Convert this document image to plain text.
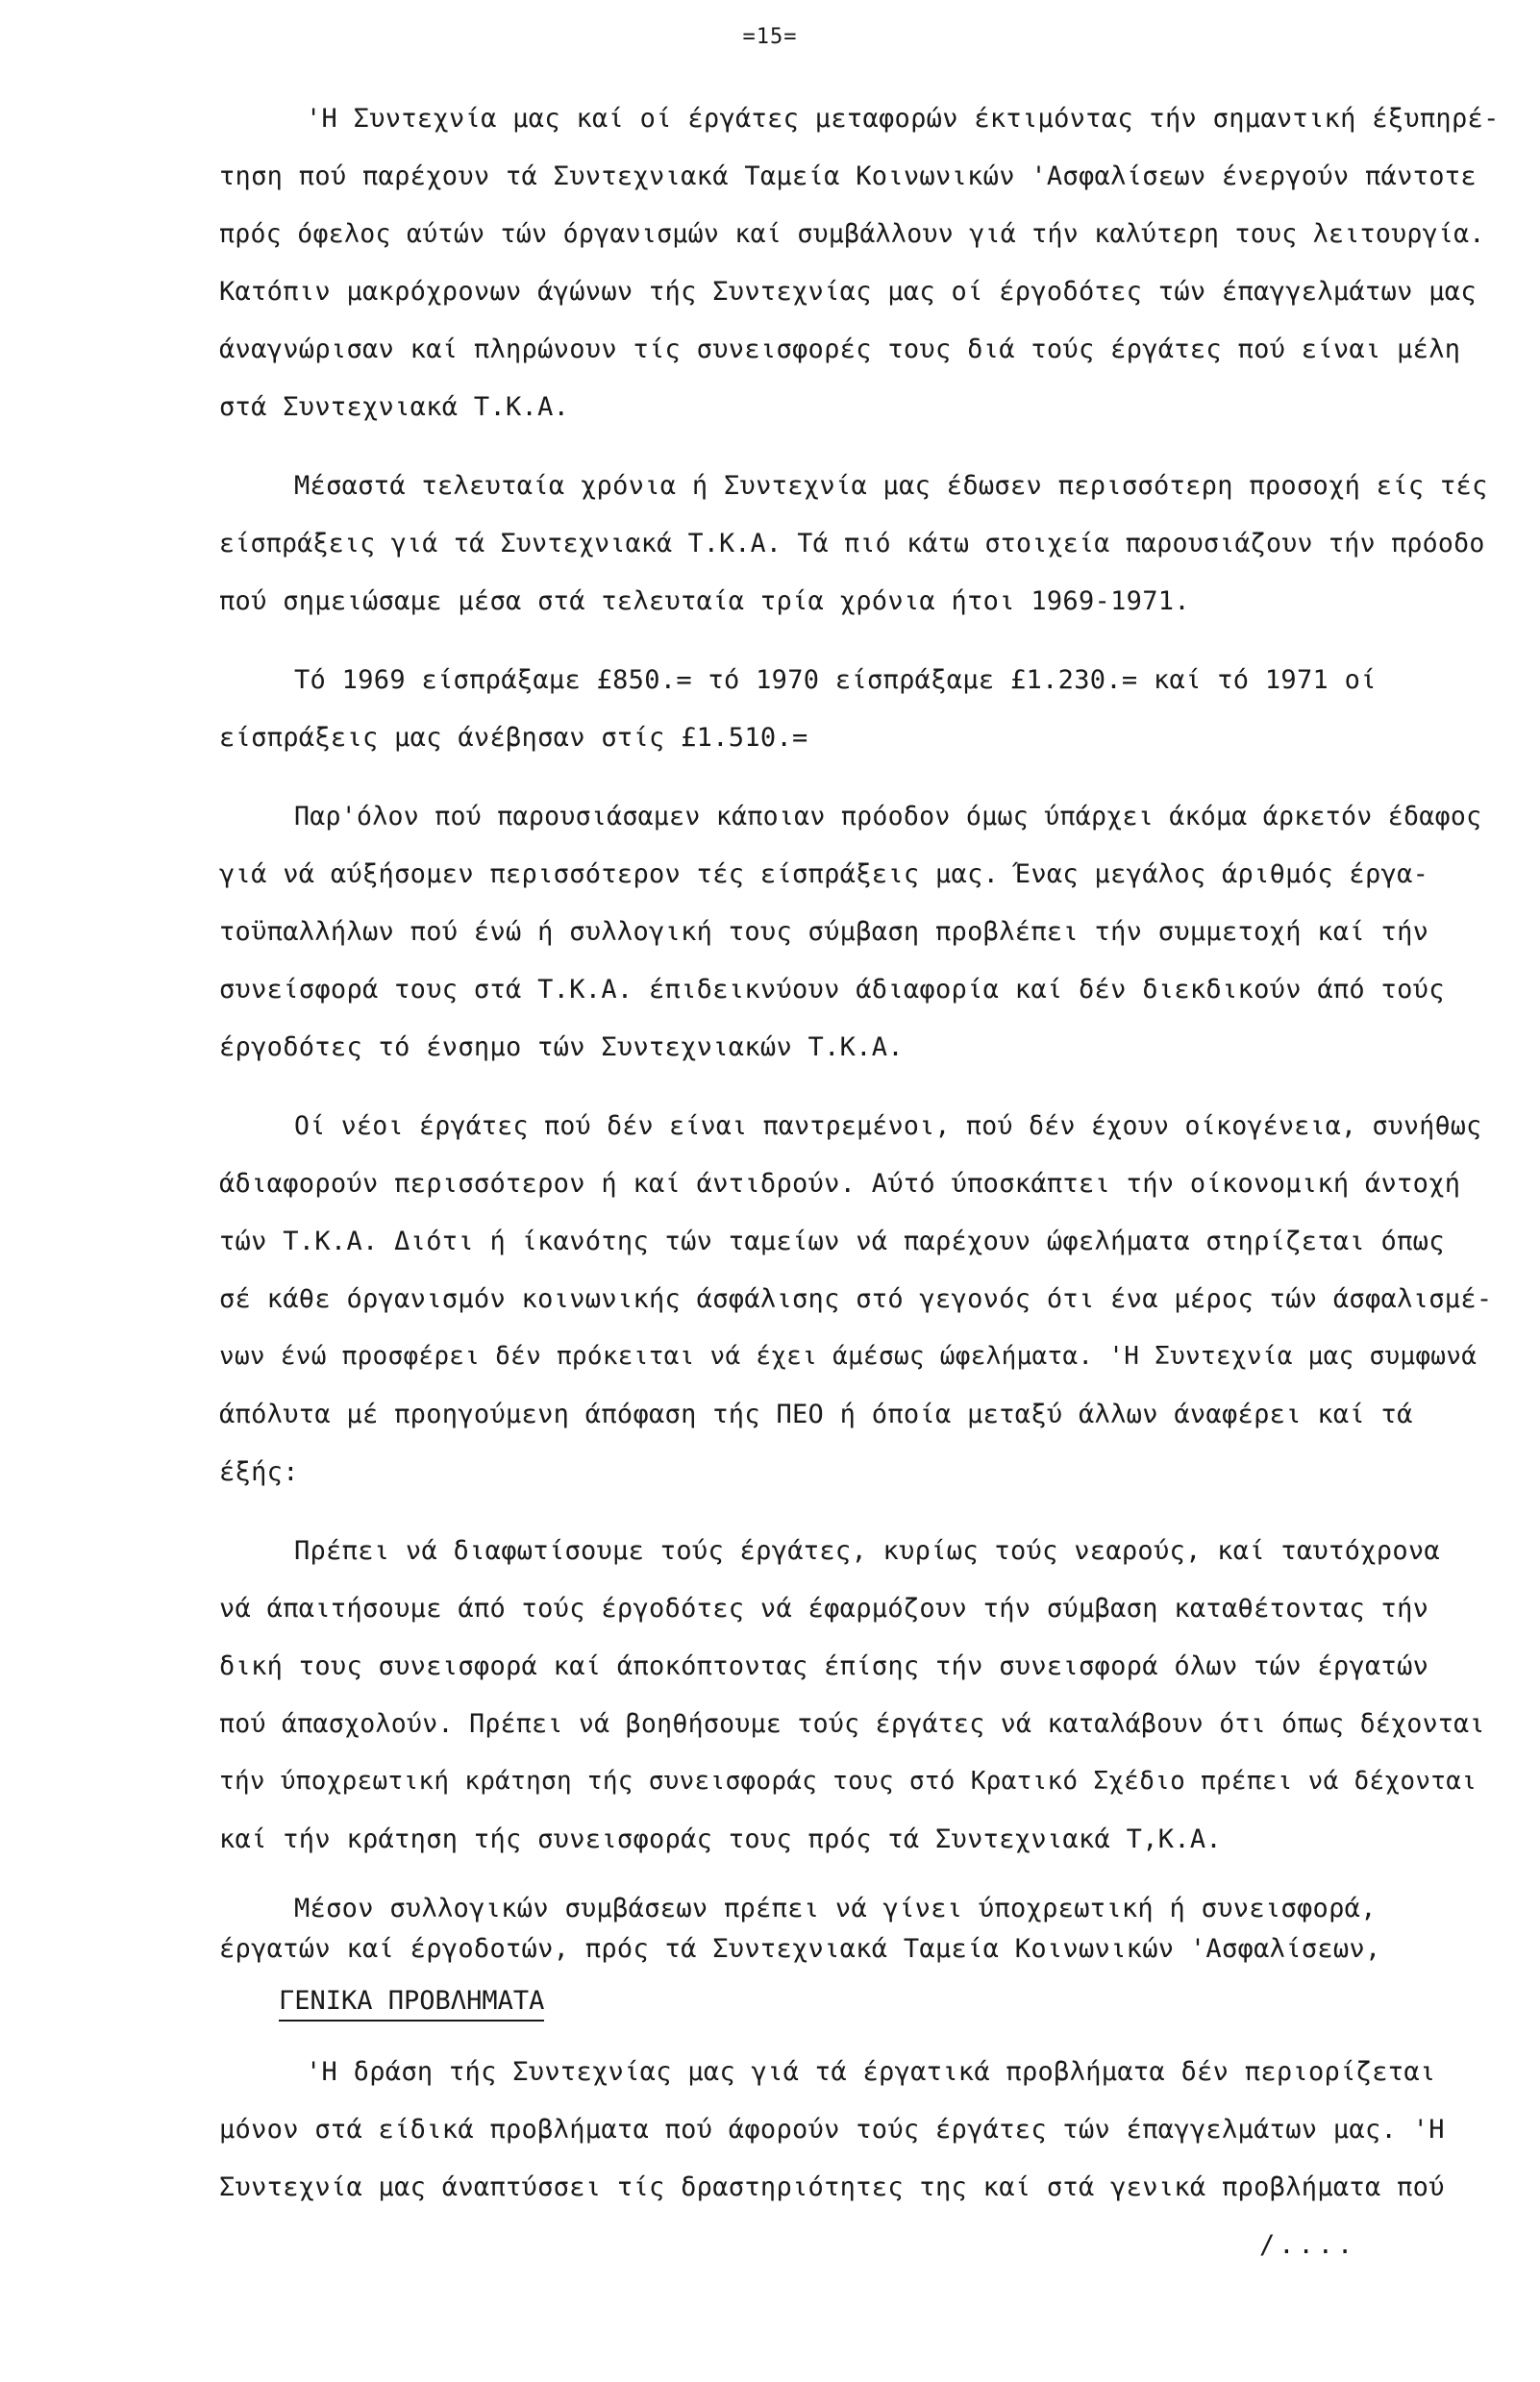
=15=
'Η Συντεχνία μας καί οί έργάτες μεταφορών έκτιμόντας τήν σημαντική έξυπηρέ-
τηση πού παρέχουν τά Συντεχνιακά Ταμεία Κοινωνικών 'Ασφαλίσεων ένεργούν πάντοτε
πρός όφελος αύτών τών όργανισμών καί συμβάλλουν γιά τήν καλύτερη τους λειτουργία.
Κατόπιν μακρόχρονων άγώνων τής Συντεχνίας μας οί έργοδότες τών έπαγγελμάτων μας
άναγνώρισαν καί πληρώνουν τίς συνεισφορές τους διά τούς έργάτες πού είναι μέλη
στά Συντεχνιακά Τ.Κ.Α.
Μέσαστά τελευταία χρόνια ή Συντεχνία μας έδωσεν περισσότερη προσοχή είς τές
είσπράξεις γιά τά Συντεχνιακά Τ.Κ.Α. Τά πιό κάτω στοιχεία παρουσιάζουν τήν πρόοδο
πού σημειώσαμε μέσα στά τελευταία τρία χρόνια ήτοι 1969-1971.
Τό 1969 είσπράξαμε £850.= τό 1970 είσπράξαμε £1.230.= καί τό 1971 οί
είσπράξεις μας άνέβησαν στίς £1.510.=
Παρ'όλον πού παρουσιάσαμεν κάποιαν πρόοδον όμως ύπάρχει άκόμα άρκετόν έδαφος
γιά νά αύξήσομεν περισσότερον τές είσπράξεις μας. Ένας μεγάλος άριθμός έργα-
τοϋπαλλήλων πού ένώ ή συλλογική τους σύμβαση προβλέπει τήν συμμετοχή καί τήν
συνείσφορά τους στά Τ.Κ.Α. έπιδεικνύουν άδιαφορία καί δέν διεκδικούν άπό τούς
έργοδότες τό ένσημο τών Συντεχνιακών Τ.Κ.Α.
Οί νέοι έργάτες πού δέν είναι παντρεμένοι, πού δέν έχουν οίκογένεια, συνήθως
άδιαφορούν περισσότερον ή καί άντιδρούν. Αύτό ύποσκάπτει τήν οίκονομική άντοχή
τών Τ.Κ.Α. Διότι ή ίκανότης τών ταμείων νά παρέχουν ώφελήματα στηρίζεται όπως
σέ κάθε όργανισμόν κοινωνικής άσφάλισης στό γεγονός ότι ένα μέρος τών άσφαλισμέ-
νων ένώ προσφέρει δέν πρόκειται νά έχει άμέσως ώφελήματα. 'Η Συντεχνία μας συμφωνά
άπόλυτα μέ προηγούμενη άπόφαση τής ΠΕΟ ή όποία μεταξύ άλλων άναφέρει καί τά
έξής:
Πρέπει νά διαφωτίσουμε τούς έργάτες, κυρίως τούς νεαρούς, καί ταυτόχρονα
νά άπαιτήσουμε άπό τούς έργοδότες νά έφαρμόζουν τήν σύμβαση καταθέτοντας τήν
δική τους συνεισφορά καί άποκόπτοντας έπίσης τήν συνεισφορά όλων τών έργατών
πού άπασχολούν. Πρέπει νά βοηθήσουμε τούς έργάτες νά καταλάβουν ότι όπως δέχονται
τήν ύποχρεωτική κράτηση τής συνεισφοράς τους στό Κρατικό Σχέδιο πρέπει νά δέχονται
καί τήν κράτηση τής συνεισφοράς τους πρός τά Συντεχνιακά Τ,Κ.Α.
Μέσον συλλογικών συμβάσεων πρέπει νά γίνει ύποχρεωτική ή συνεισφορά,
ΓΕΝΙΚΑ ΠΡΟΒΛΗΜΑΤΑ
'Η δράση τής Συντεχνίας μας γιά τά έργατικά προβλήματα δέν περιορίζεται
μόνον στά είδικά προβλήματα πού άφορούν τούς έργάτες τών έπαγγελμάτων μας. 'Η
Συντεχνία μας άναπτύσσει τίς δραστηριότητες της καί στά γενικά προβλήματα πού
/....
έργατών καί έργοδοτών, πρός τά Συντεχνιακά Ταμεία Κοινωνικών 'Ασφαλίσεων,
